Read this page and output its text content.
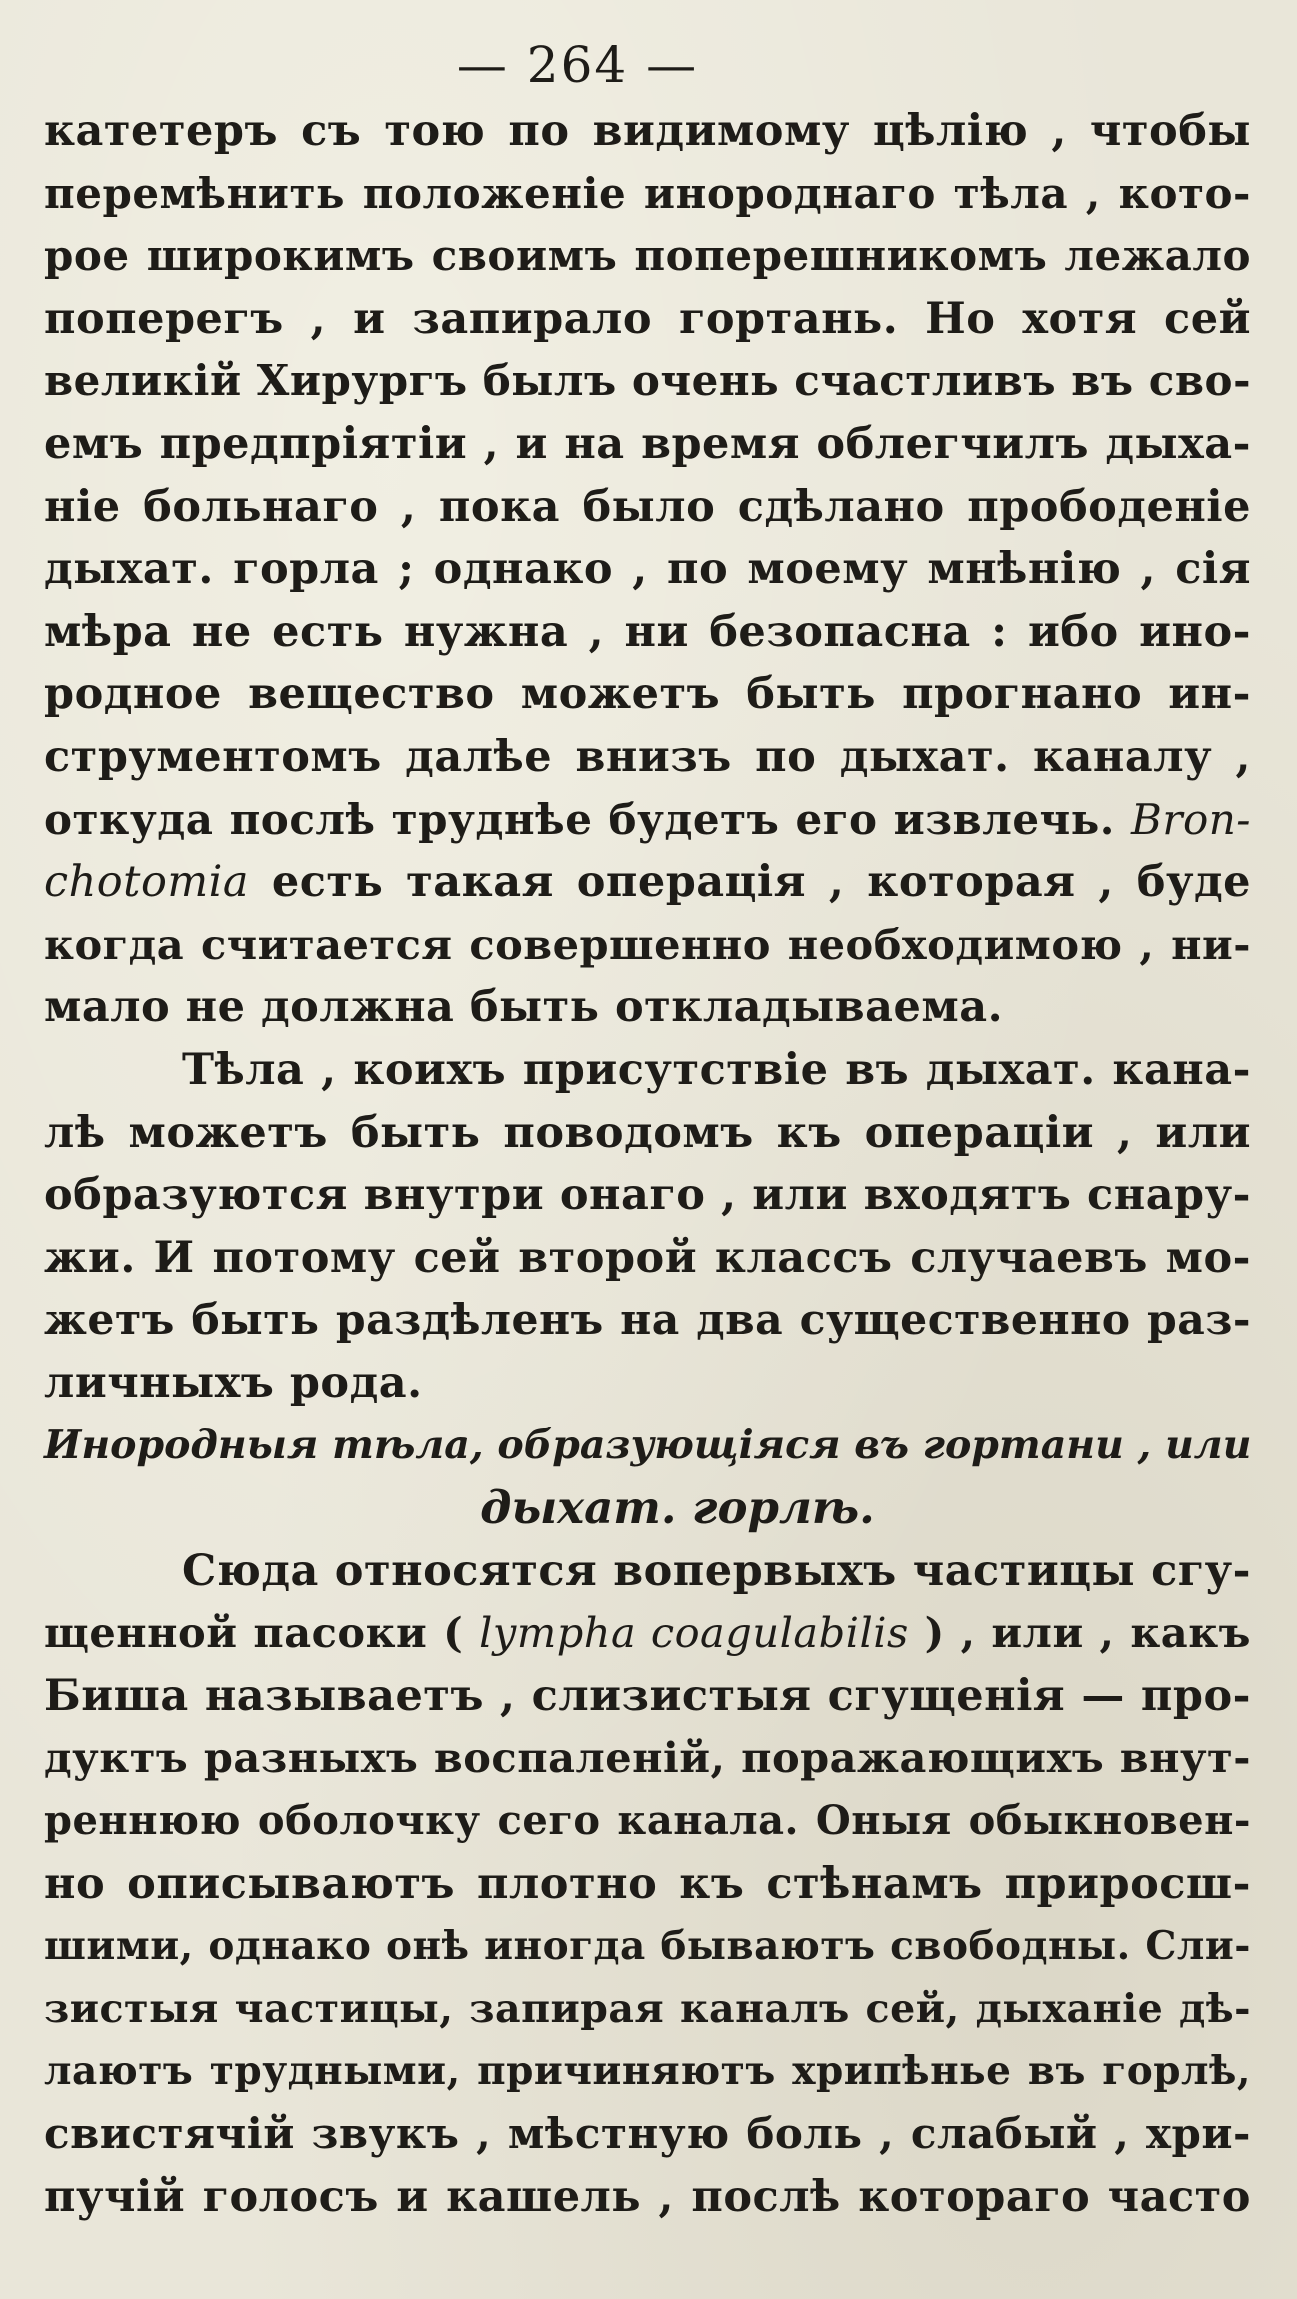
— 264 —
катетеръ съ тою по видимому цѣлію , чтобы
перемѣнить положеніе инороднаго тѣла , кото-
рое широкимъ своимъ поперешникомъ лежало
поперегъ , и запирало гортань. Но хотя сей
великій Хирургъ былъ очень счастливъ въ сво-
емъ предпріятіи , и на время облегчилъ дыха-
ніе больнаго , пока было сдѣлано прободеніе
дыхат. горла ; однако , по моему мнѣнію , сія
мѣра не есть нужна , ни безопасна : ибо ино-
родное вещество можетъ быть прогнано ин-
струментомъ далѣе внизъ по дыхат. каналу ,
откуда послѣ труднѣе будетъ его извлечь. Bron-
chotomia есть такая операція , которая , буде
когда считается совершенно необходимою , ни-
мало не должна быть откладываема.
Тѣла , коихъ присутствіе въ дыхат. кана-
лѣ можетъ быть поводомъ къ операціи , или
образуются внутри онаго , или входятъ снару-
жи. И потому сей второй классъ случаевъ мо-
жетъ быть раздѣленъ на два существенно раз-
личныхъ рода.
Инородныя тѣла, образующіяся въ гортани , или
дыхат. горлѣ.
Сюда относятся вопервыхъ частицы сгу-
щенной пасоки ( lympha coagulabilis ) , или , какъ
Биша называетъ , слизистыя сгущенія — про-
дуктъ разныхъ воспаленій, поражающихъ внут-
реннюю оболочку сего канала. Оныя обыкновен-
но описываютъ плотно къ стѣнамъ приросш-
шими, однако онѣ иногда бываютъ свободны. Сли-
зистыя частицы, запирая каналъ сей, дыханіе дѣ-
лаютъ трудными, причиняютъ хрипѣнье въ горлѣ,
свистячій звукъ , мѣстную боль , слабый , хри-
пучій голосъ и кашель , послѣ котораго часто
